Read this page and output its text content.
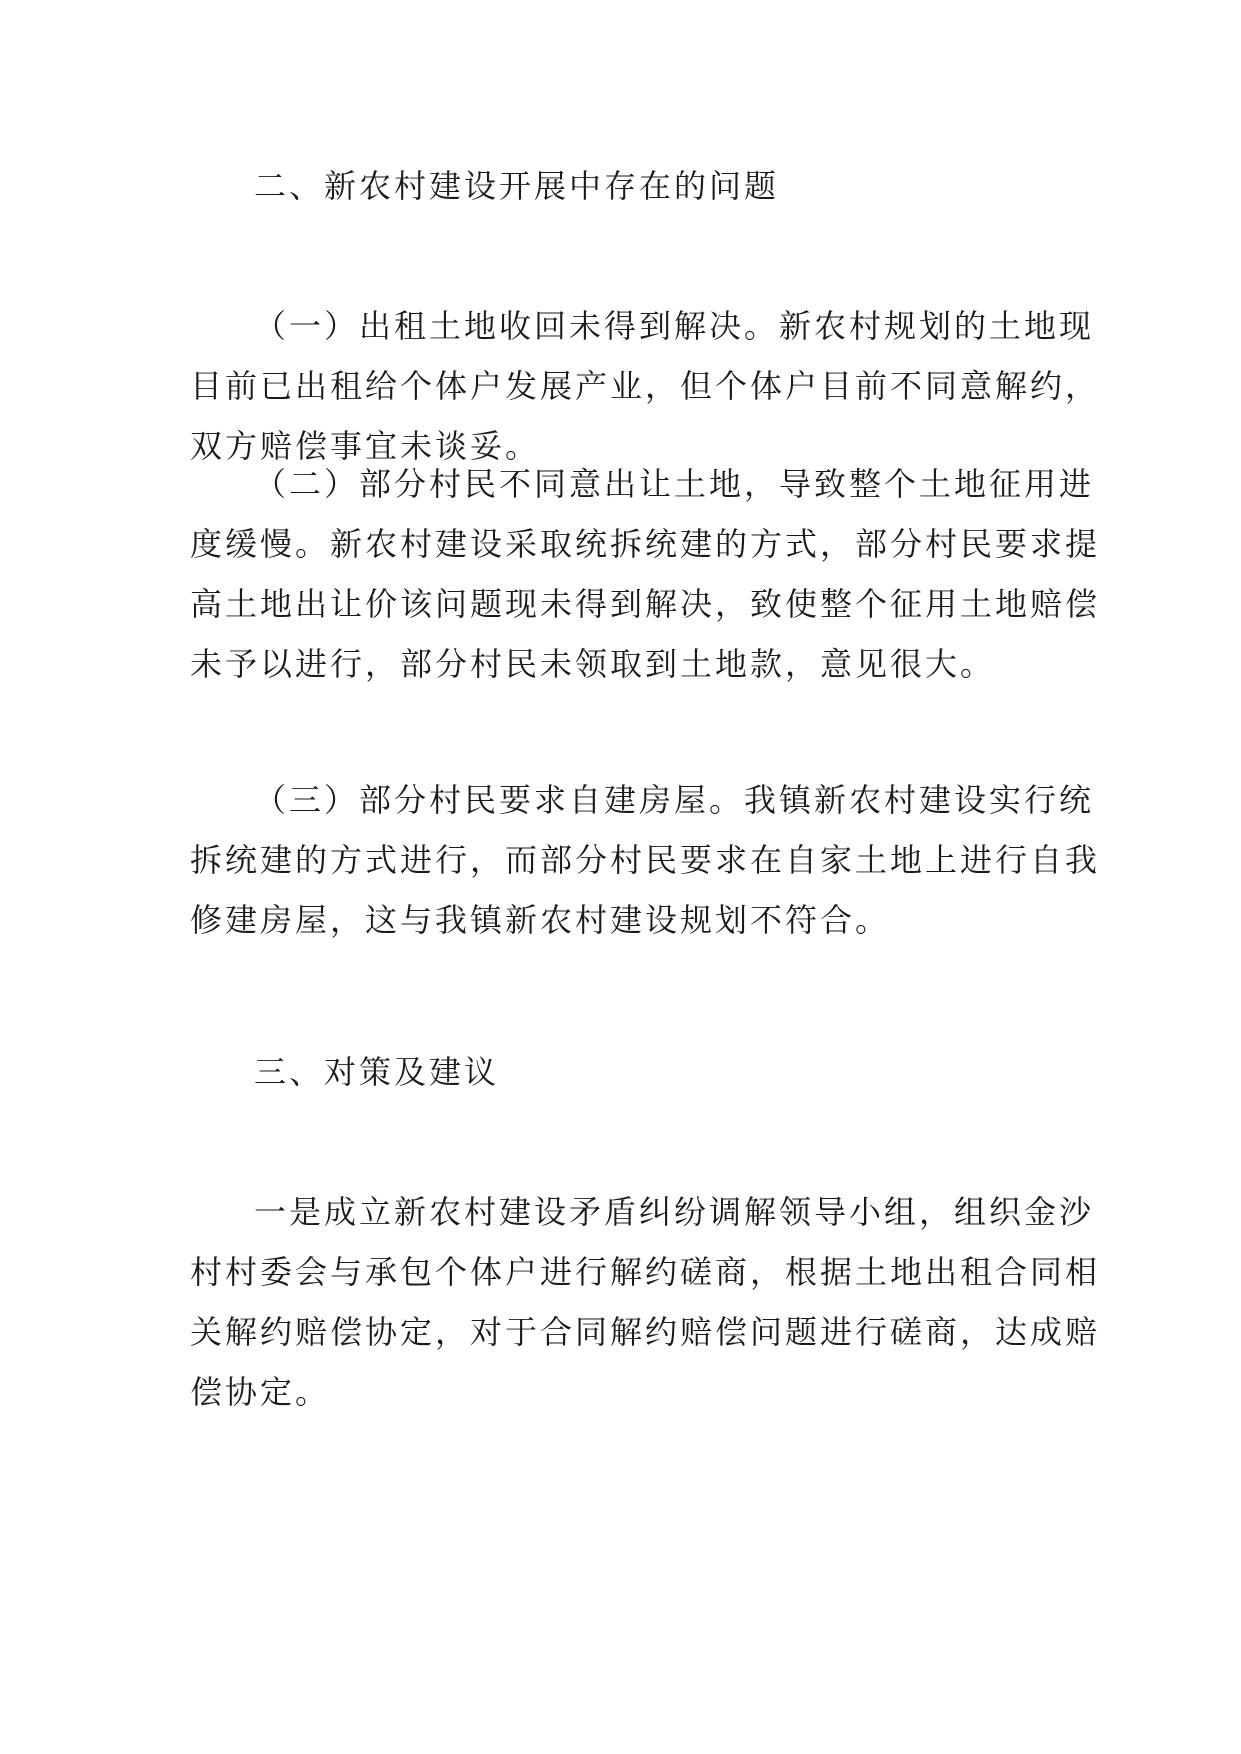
二、新农村建设开展中存在的问题
（一）出租土地收回未得到解决。新农村规划的土地现
目前已出租给个体户发展产业，但个体户目前不同意解约，
双方赔偿事宜未谈妥。
（二）部分村民不同意出让土地，导致整个土地征用进
度缓慢。新农村建设采取统拆统建的方式，部分村民要求提
高土地出让价该问题现未得到解决，致使整个征用土地赔偿
未予以进行，部分村民未领取到土地款，意见很大。
（三）部分村民要求自建房屋。我镇新农村建设实行统
拆统建的方式进行，而部分村民要求在自家土地上进行自我
修建房屋，这与我镇新农村建设规划不符合。
三、对策及建议
一是成立新农村建设矛盾纠纷调解领导小组，组织金沙
村村委会与承包个体户进行解约磋商，根据土地出租合同相
关解约赔偿协定，对于合同解约赔偿问题进行磋商，达成赔
偿协定。
